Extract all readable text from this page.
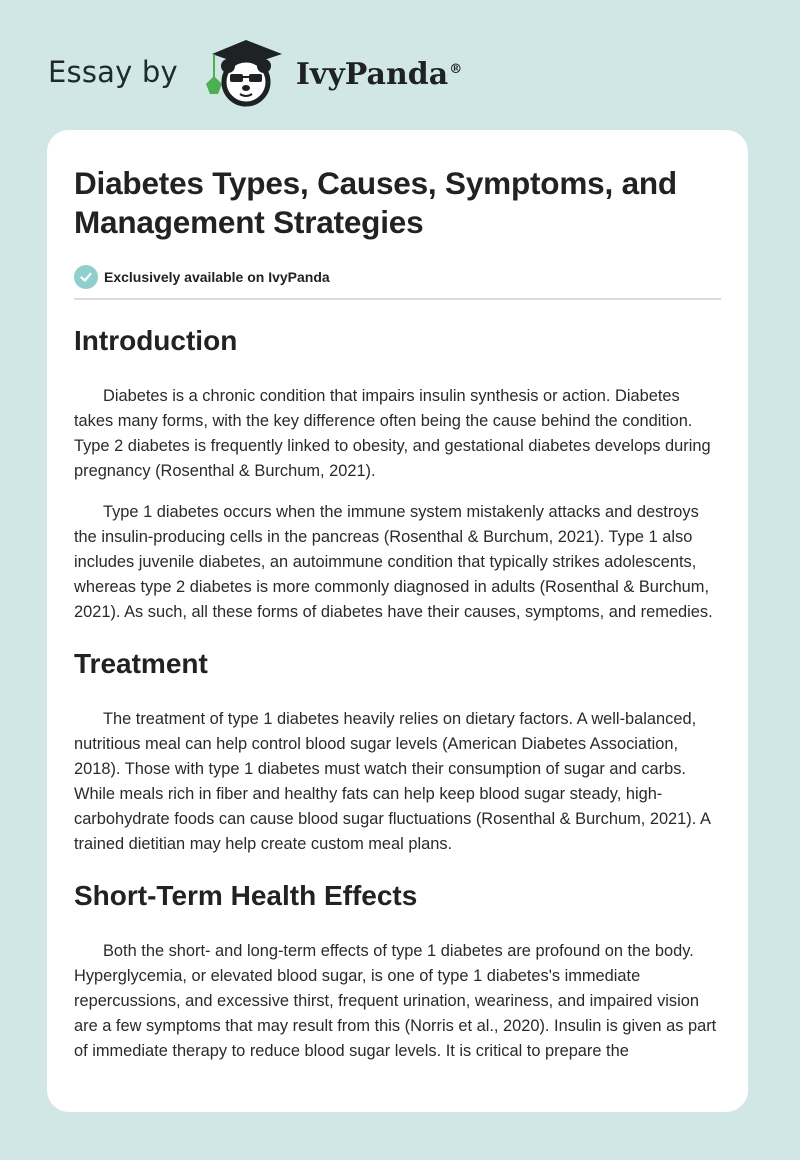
Essay by	IvyPanda®
Diabetes Types, Causes, Symptoms, and Management Strategies
Exclusively available on IvyPanda
Introduction

Diabetes is a chronic condition that impairs insulin synthesis or action. Diabetes takes many forms, with the key difference often being the cause behind the condition. Type 2 diabetes is frequently linked to obesity, and gestational diabetes develops during pregnancy (Rosenthal & Burchum, 2021).

Type 1 diabetes occurs when the immune system mistakenly attacks and destroys the insulin-producing cells in the pancreas (Rosenthal & Burchum, 2021). Type 1 also includes juvenile diabetes, an autoimmune condition that typically strikes adolescents, whereas type 2 diabetes is more commonly diagnosed in adults (Rosenthal & Burchum, 2021). As such, all these forms of diabetes have their causes, symptoms, and remedies.

Treatment

The treatment of type 1 diabetes heavily relies on dietary factors. A well-balanced, nutritious meal can help control blood sugar levels (American Diabetes Association, 2018). Those with type 1 diabetes must watch their consumption of sugar and carbs. While meals rich in fiber and healthy fats can help keep blood sugar steady, high-carbohydrate foods can cause blood sugar fluctuations (Rosenthal & Burchum, 2021). A trained dietitian may help create custom meal plans.

Short-Term Health Effects

Both the short- and long-term effects of type 1 diabetes are profound on the body. Hyperglycemia, or elevated blood sugar, is one of type 1 diabetes's immediate repercussions, and excessive thirst, frequent urination, weariness, and impaired vision are a few symptoms that may result from this (Norris et al., 2020). Insulin is given as part of immediate therapy to reduce blood sugar levels. It is critical to prepare the
